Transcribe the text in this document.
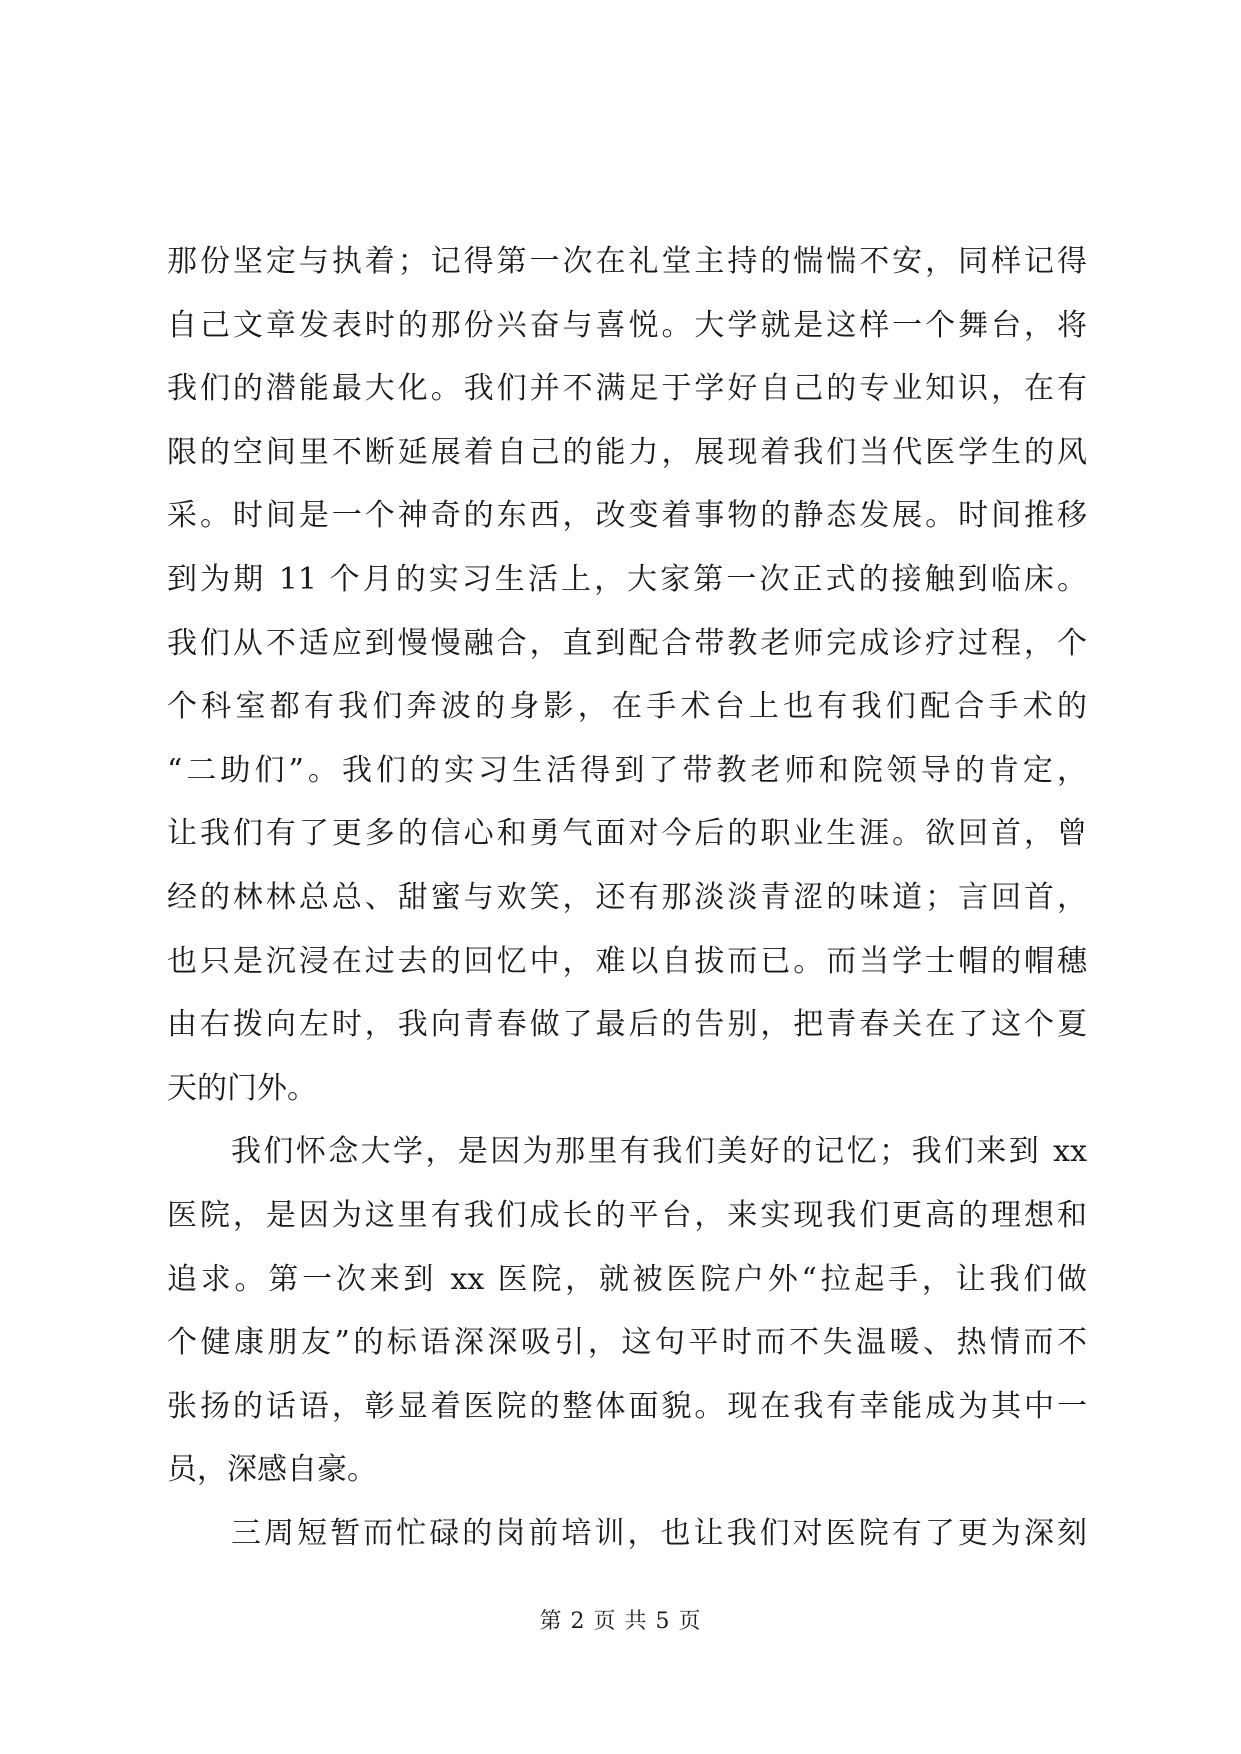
那份坚定与执着；记得第一次在礼堂主持的惴惴不安，同样记得
自己文章发表时的那份兴奋与喜悦。大学就是这样一个舞台，将
我们的潜能最大化。我们并不满足于学好自己的专业知识，在有
限的空间里不断延展着自己的能力，展现着我们当代医学生的风
采。时间是一个神奇的东西，改变着事物的静态发展。时间推移
到为期 11 个月的实习生活上，大家第一次正式的接触到临床。
我们从不适应到慢慢融合，直到配合带教老师完成诊疗过程，个
个科室都有我们奔波的身影，在手术台上也有我们配合手术的
“二助们”。我们的实习生活得到了带教老师和院领导的肯定，
让我们有了更多的信心和勇气面对今后的职业生涯。欲回首，曾
经的林林总总、甜蜜与欢笑，还有那淡淡青涩的味道；言回首，
也只是沉浸在过去的回忆中，难以自拔而已。而当学士帽的帽穗
由右拨向左时，我向青春做了最后的告别，把青春关在了这个夏
天的门外。
我们怀念大学，是因为那里有我们美好的记忆；我们来到 xx
医院，是因为这里有我们成长的平台，来实现我们更高的理想和
追求。第一次来到 xx 医院，就被医院户外“拉起手，让我们做
个健康朋友”的标语深深吸引，这句平时而不失温暖、热情而不
张扬的话语，彰显着医院的整体面貌。现在我有幸能成为其中一
员，深感自豪。
三周短暂而忙碌的岗前培训，也让我们对医院有了更为深刻
第 2 页 共 5 页
